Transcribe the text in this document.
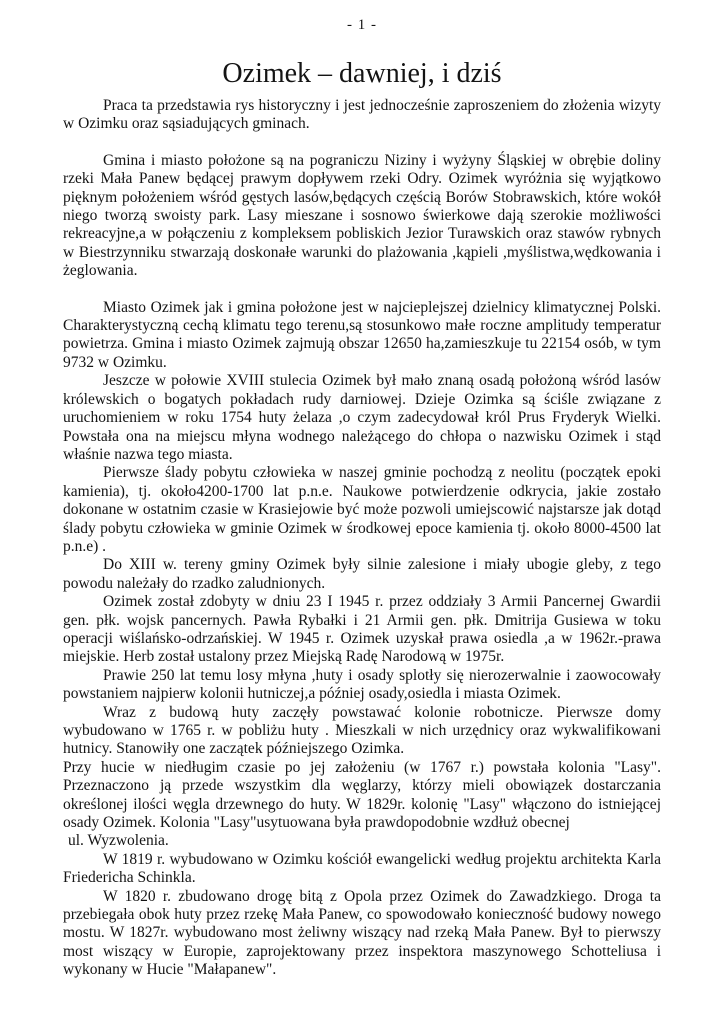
- 1 -
Ozimek – dawniej, i dziś

Praca ta przedstawia rys historyczny i jest jednocześnie zaproszeniem do złożenia wizyty w Ozimku oraz sąsiadujących gminach.

Gmina i miasto położone są na pograniczu Niziny i wyżyny Śląskiej w obrębie doliny rzeki Mała Panew będącej prawym dopływem rzeki Odry. Ozimek wyróżnia się wyjątkowo pięknym położeniem wśród gęstych lasów,będących częścią Borów Stobrawskich, które wokół niego tworzą swoisty park. Lasy mieszane i sosnowo świerkowe dają szerokie możliwości rekreacyjne,a w połączeniu z kompleksem pobliskich Jezior Turawskich oraz stawów rybnych w Biestrzynniku stwarzają doskonałe warunki do plażowania ,kąpieli ,myślistwa,wędkowania i żeglowania.

Miasto Ozimek jak i gmina położone jest w najcieplejszej dzielnicy klimatycznej Polski. Charakterystyczną cechą klimatu tego terenu,są stosunkowo małe roczne amplitudy temperatur powietrza. Gmina i miasto Ozimek zajmują obszar 12650 ha,zamieszkuje tu 22154 osób, w tym 9732 w Ozimku.

Jeszcze w połowie XVIII stulecia Ozimek był mało znaną osadą położoną wśród lasów królewskich o bogatych pokładach rudy darniowej. Dzieje Ozimka są ściśle związane z uruchomieniem w roku 1754 huty żelaza ,o czym zadecydował król Prus Fryderyk Wielki. Powstała ona na miejscu młyna wodnego należącego do chłopa o nazwisku Ozimek i stąd właśnie nazwa tego miasta.

Pierwsze ślady pobytu człowieka w naszej gminie pochodzą z neolitu (początek epoki kamienia), tj. około4200-1700 lat p.n.e. Naukowe potwierdzenie odkrycia, jakie zostało dokonane w ostatnim czasie w Krasiejowie być może pozwoli umiejscowić najstarsze jak dotąd ślady pobytu człowieka w gminie Ozimek w środkowej epoce kamienia tj. około 8000-4500 lat p.n.e) .

Do XIII w. tereny gminy Ozimek były silnie zalesione i miały ubogie gleby, z tego powodu należały do rzadko zaludnionych.

Ozimek został zdobyty w dniu 23 I 1945 r. przez oddziały 3 Armii Pancernej Gwardii gen. płk. wojsk pancernych. Pawła Rybałki i 21 Armii gen. płk. Dmitrija Gusiewa w toku operacji wiślańsko-odrzańskiej. W 1945 r. Ozimek uzyskał prawa osiedla ,a w 1962r.-prawa miejskie. Herb został ustalony przez Miejską Radę Narodową w 1975r.

Prawie 250 lat temu losy młyna ,huty i osady splotły się nierozerwalnie i zaowocowały powstaniem najpierw kolonii hutniczej,a później osady,osiedla i miasta Ozimek.

Wraz z budową huty zaczęły powstawać kolonie robotnicze. Pierwsze domy wybudowano w 1765 r. w pobliżu huty . Mieszkali w nich urzędnicy oraz wykwalifikowani hutnicy. Stanowiły one zaczątek późniejszego Ozimka.

Przy hucie w niedługim czasie po jej założeniu (w 1767 r.) powstała kolonia "Lasy". Przeznaczono ją przede wszystkim dla węglarzy, którzy mieli obowiązek dostarczania określonej ilości węgla drzewnego do huty. W 1829r. kolonię "Lasy" włączono do istniejącej osady Ozimek. Kolonia "Lasy"usytuowana była prawdopodobnie wzdłuż obecnej

ul. Wyzwolenia.

W 1819 r. wybudowano w Ozimku kościół ewangelicki według projektu architekta Karla Friedericha Schinkla.

W 1820 r. zbudowano drogę bitą z Opola przez Ozimek do Zawadzkiego. Droga ta przebiegała obok huty przez rzekę Mała Panew, co spowodowało konieczność budowy nowego mostu. W 1827r. wybudowano most żeliwny wiszący nad rzeką Mała Panew. Był to pierwszy most wiszący w Europie, zaprojektowany przez inspektora maszynowego Schotteliusa i wykonany w Hucie "Małapanew".
